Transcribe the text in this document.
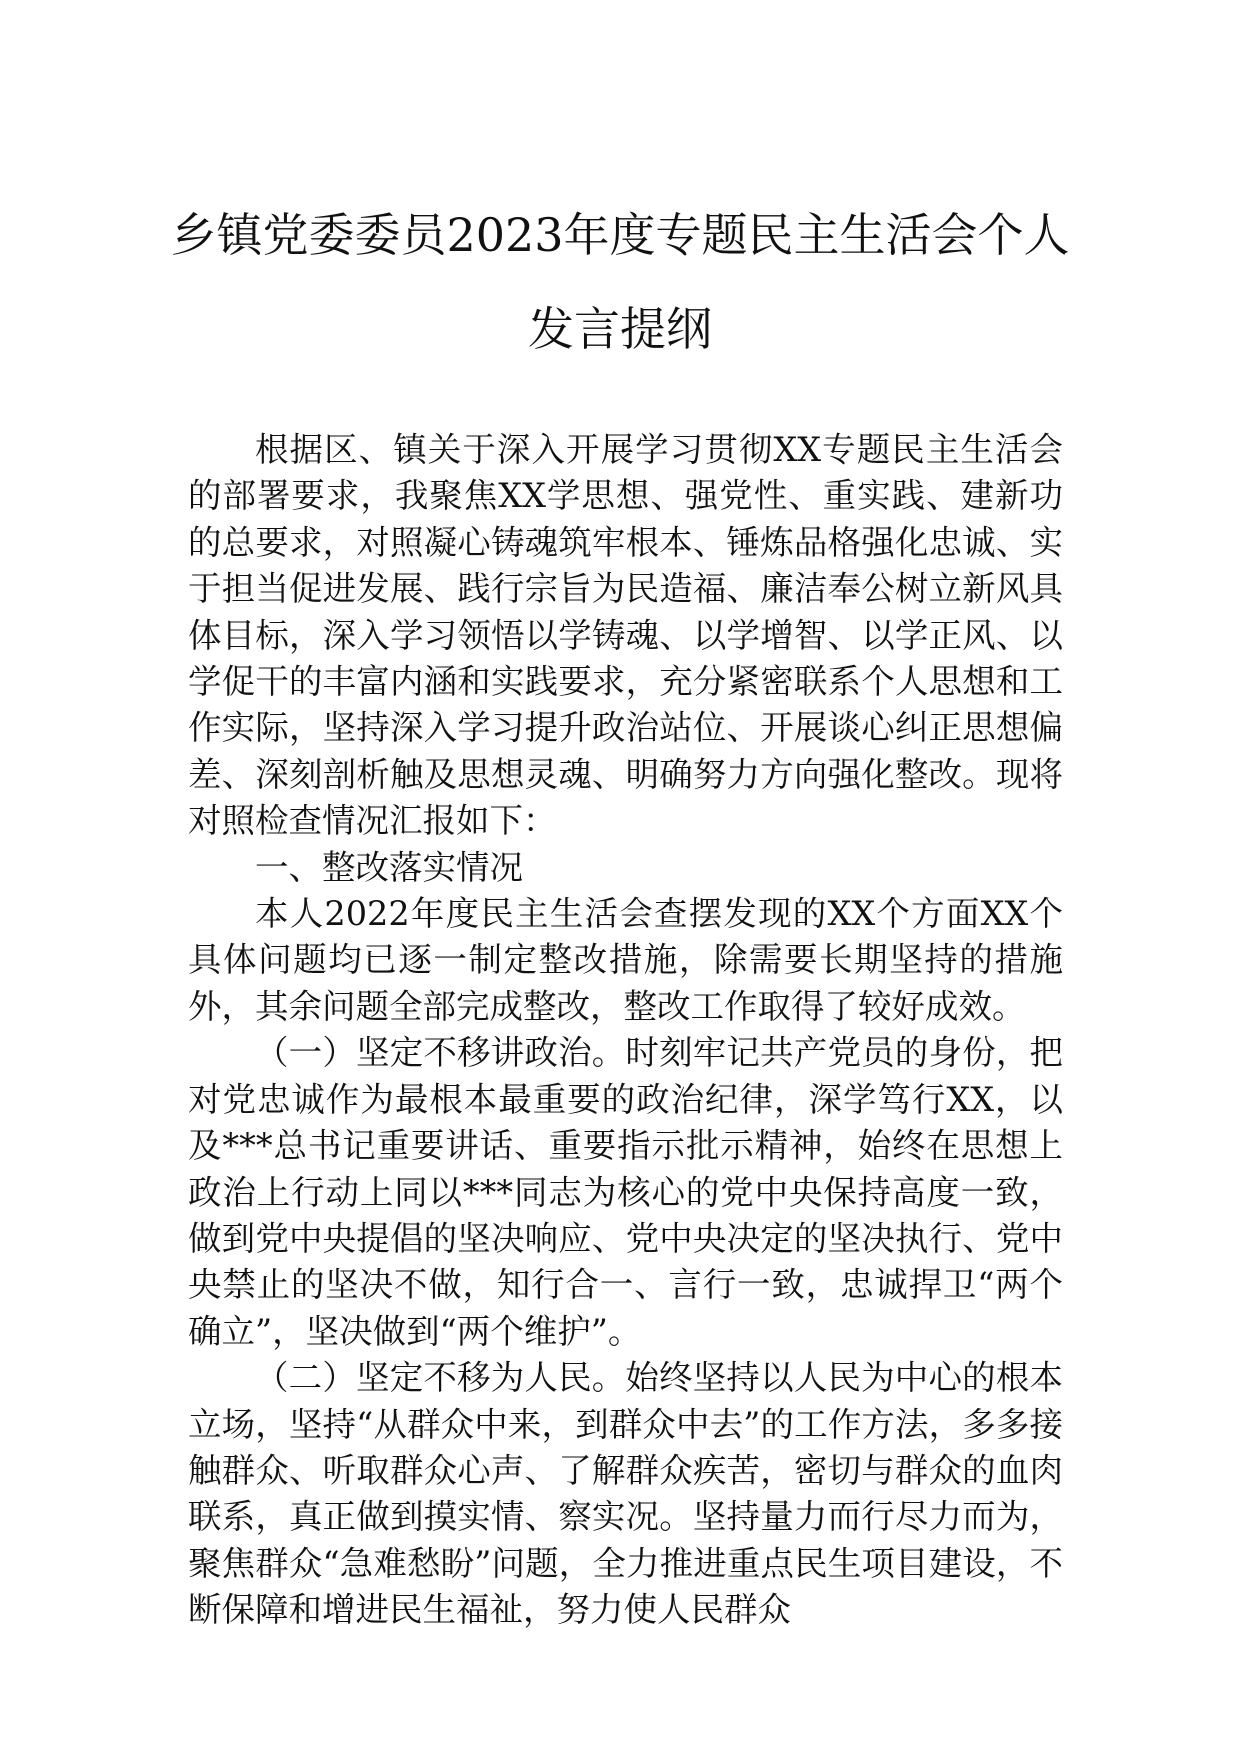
乡镇党委委员2023年度专题民主生活会个人发言提纲

根据区、镇关于深入开展学习贯彻XX专题民主生活会的部署要求，我聚焦XX学思想、强党性、重实践、建新功的总要求，对照凝心铸魂筑牢根本、锤炼品格强化忠诚、实于担当促进发展、践行宗旨为民造福、廉洁奉公树立新风具体目标，深入学习领悟以学铸魂、以学增智、以学正风、以学促干的丰富内涵和实践要求，充分紧密联系个人思想和工作实际，坚持深入学习提升政治站位、开展谈心纠正思想偏差、深刻剖析触及思想灵魂、明确努力方向强化整改。现将对照检查情况汇报如下：

一、整改落实情况

本人2022年度民主生活会查摆发现的XX个方面XX个具体问题均已逐一制定整改措施，除需要长期坚持的措施外，其余问题全部完成整改，整改工作取得了较好成效。

（一）坚定不移讲政治。时刻牢记共产党员的身份，把对党忠诚作为最根本最重要的政治纪律，深学笃行XX，以及***总书记重要讲话、重要指示批示精神，始终在思想上政治上行动上同以***同志为核心的党中央保持高度一致，做到党中央提倡的坚决响应、党中央决定的坚决执行、党中央禁止的坚决不做，知行合一、言行一致，忠诚捍卫“两个确立”，坚决做到“两个维护”。

（二）坚定不移为人民。始终坚持以人民为中心的根本立场，坚持“从群众中来，到群众中去”的工作方法，多多接触群众、听取群众心声、了解群众疾苦，密切与群众的血肉联系，真正做到摸实情、察实况。坚持量力而行尽力而为，聚焦群众“急难愁盼”问题，全力推进重点民生项目建设，不断保障和增进民生福祉，努力使人民群众
